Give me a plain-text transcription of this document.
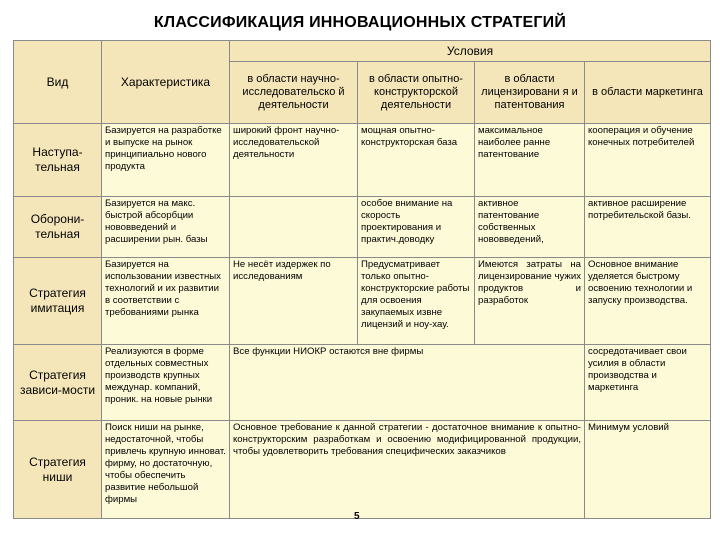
КЛАССИФИКАЦИЯ ИННОВАЦИОННЫХ СТРАТЕГИЙ
Вид	Характеристика	Условия			
		в области научно-исследовательско й деятельности	в области опытно-конструкторской деятельности	в области лицензировани я и патентования	в области маркетинга
Наступа-тельная	Базируется на разработке и выпуске на рынок принципиально нового продукта	широкий фронт научно-исследовательской деятельности	мощная опытно-конструкторская база	максимальное наиболее ранне патентование	кооперация и обучение конечных потребителей
Оборони-тельная	Базируется на макс. быстрой абсорбции нововведений и расширении рын. базы		особое внимание на скорость проектирования и практич.доводку	активное патентование собственных нововведений,	активное расширение потребительской базы.
Стратегия имитация	Базируется на использовании известных технологий и их развитии в соответствии с требованиями рынка	Не несёт издержек по исследованиям	Предусматривает только опытно-конструкторские работы для освоения закупаемых извне лицензий и ноу-хау.	Имеются затраты на лицензирование чужих продуктов и разработок	Основное внимание уделяется быстрому освоению технологии и запуску производства.
Стратегия зависи-мости	Реализуются в форме отдельных совместных производств крупных междунар. компаний, проник. на новые рынки	Все функции НИОКР остаются вне фирмы			сосредотачивает свои усилия в области производства и маркетинга
Стратегия ниши	Поиск ниши на рынке, недостаточной, чтобы привлечь крупную инноват. фирму, но достаточную, чтобы обеспечить развитие небольшой фирмы	Основное требование к данной стратегии - достаточное внимание к опытно-конструкторским разработкам и освоению модифицированной продукции, чтобы удовлетворить требования специфических заказчиков			Минимум условий
5
